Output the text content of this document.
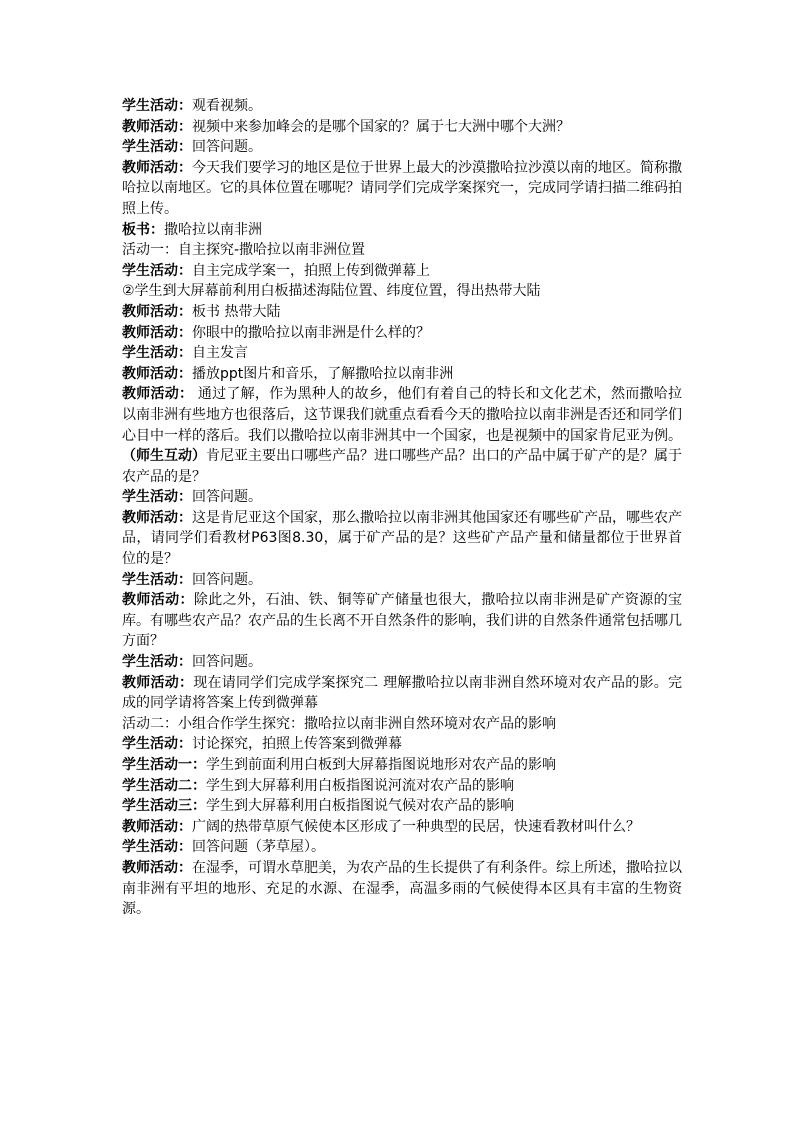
学生活动：观看视频。
教师活动：视频中来参加峰会的是哪个国家的？属于七大洲中哪个大洲？
学生活动：回答问题。
教师活动：今天我们要学习的地区是位于世界上最大的沙漠撒哈拉沙漠以南的地区。简称撒哈拉以南地区。它的具体位置在哪呢？请同学们完成学案探究一，完成同学请扫描二维码拍照上传。
板书：撒哈拉以南非洲
活动一：自主探究-撒哈拉以南非洲位置
学生活动：自主完成学案一，拍照上传到微弹幕上
②学生到大屏幕前利用白板描述海陆位置、纬度位置，得出热带大陆
教师活动：板书 热带大陆
教师活动：你眼中的撒哈拉以南非洲是什么样的？
学生活动：自主发言
教师活动：播放ppt图片和音乐，了解撒哈拉以南非洲
教师活动： 通过了解，作为黑种人的故乡，他们有着自己的特长和文化艺术，然而撒哈拉以南非洲有些地方也很落后，这节课我们就重点看看今天的撒哈拉以南非洲是否还和同学们心目中一样的落后。我们以撒哈拉以南非洲其中一个国家，也是视频中的国家肯尼亚为例。
（师生互动）肯尼亚主要出口哪些产品？进口哪些产品？出口的产品中属于矿产的是？属于农产品的是？
学生活动：回答问题。
教师活动：这是肯尼亚这个国家，那么撒哈拉以南非洲其他国家还有哪些矿产品，哪些农产品，请同学们看教材P63图8.30，属于矿产品的是？这些矿产品产量和储量都位于世界首位的是？
学生活动：回答问题。
教师活动：除此之外，石油、铁、铜等矿产储量也很大，撒哈拉以南非洲是矿产资源的宝库。有哪些农产品？农产品的生长离不开自然条件的影响，我们讲的自然条件通常包括哪几方面？
学生活动：回答问题。
教师活动：现在请同学们完成学案探究二 理解撒哈拉以南非洲自然环境对农产品的影。完成的同学请将答案上传到微弹幕
活动二：小组合作学生探究：撒哈拉以南非洲自然环境对农产品的影响
学生活动：讨论探究，拍照上传答案到微弹幕
学生活动一：学生到前面利用白板到大屏幕指图说地形对农产品的影响
学生活动二：学生到大屏幕利用白板指图说河流对农产品的影响
学生活动三：学生到大屏幕利用白板指图说气候对农产品的影响
教师活动：广阔的热带草原气候使本区形成了一种典型的民居，快速看教材叫什么？
学生活动：回答问题（茅草屋）。
教师活动：在湿季，可谓水草肥美，为农产品的生长提供了有利条件。综上所述，撒哈拉以南非洲有平坦的地形、充足的水源、在湿季，高温多雨的气候使得本区具有丰富的生物资源。
